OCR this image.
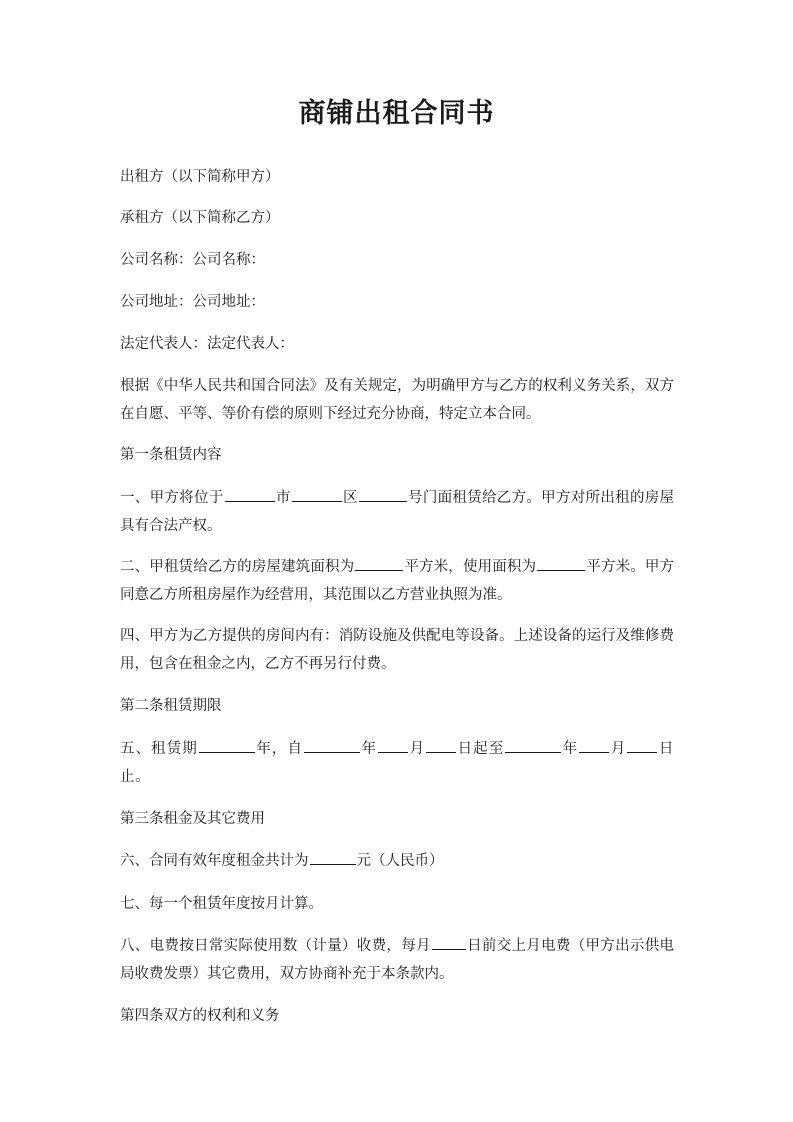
商铺出租合同书
出租方（以下简称甲方）
承租方（以下简称乙方）
公司名称：公司名称：
公司地址：公司地址：
法定代表人：法定代表人：
根据《中华人民共和国合同法》及有关规定，为明确甲方与乙方的权利义务关系，双方在自愿、平等、等价有偿的原则下经过充分协商，特定立本合同。
第一条租赁内容
一、甲方将位于	市	区	号门面租赁给乙方。甲方对所出租的房屋具有合法产权。
二、甲租赁给乙方的房屋建筑面积为	平方米，使用面积为	平方米。甲方同意乙方所租房屋作为经营用，其范围以乙方营业执照为准。
四、甲方为乙方提供的房间内有：消防设施及供配电等设备。上述设备的运行及维修费用，包含在租金之内，乙方不再另行付费。
第二条租赁期限
五、租赁期	年，自	年 月 日起至	年 月 日止。
第三条租金及其它费用
六、合同有效年度租金共计为	元（人民币）
七、每一个租赁年度按月计算。
八、电费按日常实际使用数（计量）收费，每月 日前交上月电费（甲方出示供电局收费发票）其它费用，双方协商补充于本条款内。
第四条双方的权利和义务
